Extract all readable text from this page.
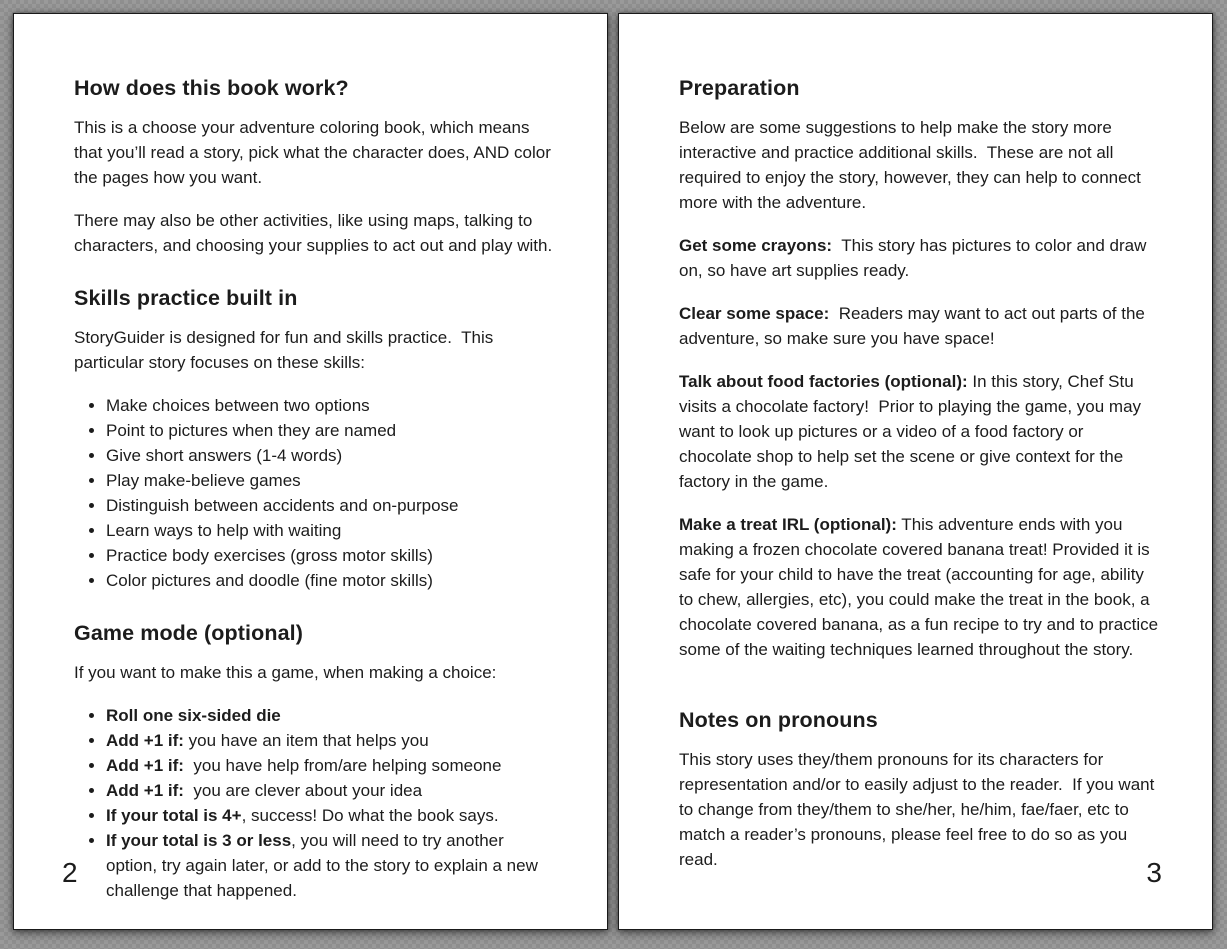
How does this book work?

This is a choose your adventure coloring book, which means that you’ll read a story, pick what the character does, AND color the pages how you want.

There may also be other activities, like using maps, talking to characters, and choosing your supplies to act out and play with.

Skills practice built in

StoryGuider is designed for fun and skills practice.  This particular story focuses on these skills:

• Make choices between two options
• Point to pictures when they are named
• Give short answers (1-4 words)
• Play make-believe games
• Distinguish between accidents and on-purpose
• Learn ways to help with waiting
• Practice body exercises (gross motor skills)
• Color pictures and doodle (fine motor skills)
Game mode (optional)

If you want to make this a game, when making a choice:

• Roll one six-sided die
• Add +1 if: you have an item that helps you
• Add +1 if:  you have help from/are helping someone
• Add +1 if:  you are clever about your idea
• If your total is 4+, success! Do what the book says.
• If your total is 3 or less, you will need to try another option, try again later, or add to the story to explain a new challenge that happened.
2
Preparation

Below are some suggestions to help make the story more interactive and practice additional skills.  These are not all required to enjoy the story, however, they can help to connect more with the adventure.

Get some crayons:  This story has pictures to color and draw on, so have art supplies ready.

Clear some space:  Readers may want to act out parts of the adventure, so make sure you have space!

Talk about food factories (optional): In this story, Chef Stu visits a chocolate factory!  Prior to playing the game, you may want to look up pictures or a video of a food factory or chocolate shop to help set the scene or give context for the factory in the game.

Make a treat IRL (optional): This adventure ends with you making a frozen chocolate covered banana treat! Provided it is safe for your child to have the treat (accounting for age, ability to chew, allergies, etc), you could make the treat in the book, a chocolate covered banana, as a fun recipe to try and to practice some of the waiting techniques learned throughout the story.

Notes on pronouns

This story uses they/them pronouns for its characters for representation and/or to easily adjust to the reader.  If you want to change from they/them to she/her, he/him, fae/faer, etc to match a reader’s pronouns, please feel free to do so as you read.	3
